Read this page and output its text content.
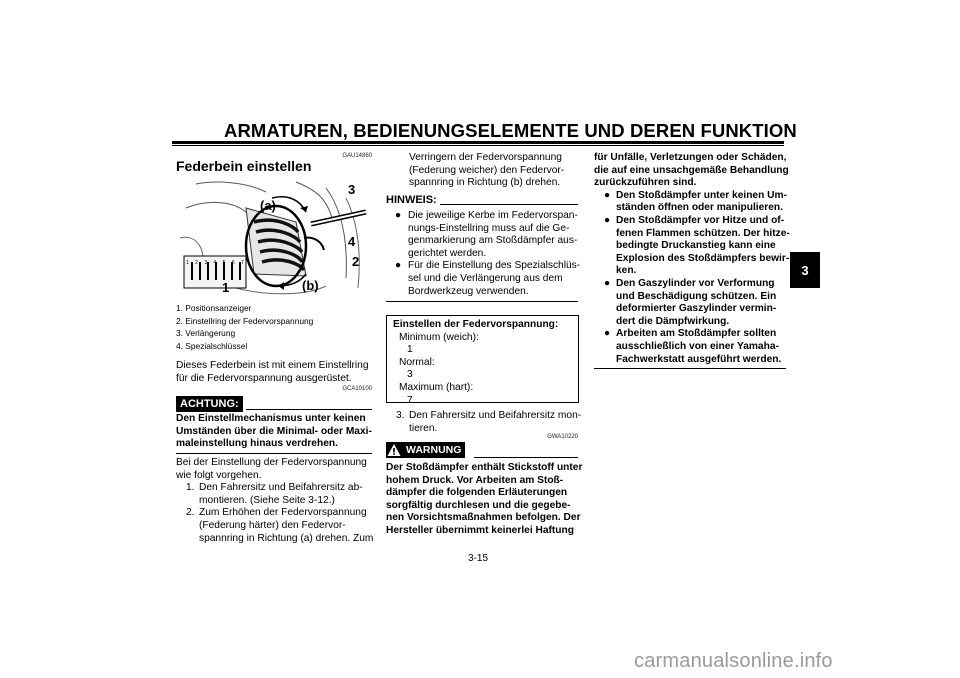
ARMATUREN, BEDIENUNGSELEMENTE UND DEREN FUNKTION
3
GAU14860
Federbein einstellen
(a)
(b)
1
2
3
4
1 2 3 4 5 6 7
1. Positionsanzeiger
2. Einstellring der Federvorspannung
3. Verlängerung
4. Spezialschlüssel
Dieses Federbein ist mit einem Einstellring
für die Federvorspannung ausgerüstet.
GCA10100
ACHTUNG:
Den Einstellmechanismus unter keinen
Umständen über die Minimal- oder Maxi-
maleinstellung hinaus verdrehen.
Bei der Einstellung der Federvorspannung
wie folgt vorgehen.
1. Den Fahrersitz und Beifahrersitz ab-
montieren. (Siehe Seite 3-12.)
2. Zum Erhöhen der Federvorspannung
(Federung härter) den Federvor-
spannring in Richtung (a) drehen. Zum
Verringern der Federvorspannung
(Federung weicher) den Federvor-
spannring in Richtung (b) drehen.
HINWEIS:
● Die jeweilige Kerbe im Federvorspan-
nungs-Einstellring muss auf die Ge-
genmarkierung am Stoßdämpfer aus-
gerichtet werden.
● Für die Einstellung des Spezialschlüs-
sel und die Verlängerung aus dem
Bordwerkzeug verwenden.
Einstellen der Federvorspannung:
Minimum (weich):
1
Normal:
3
Maximum (hart):
7
3. Den Fahrersitz und Beifahrersitz mon-
tieren.
GWA10220
WARNUNG
Der Stoßdämpfer enthält Stickstoff unter
hohem Druck. Vor Arbeiten am Stoß-
dämpfer die folgenden Erläuterungen
sorgfältig durchlesen und die gegebe-
nen Vorsichtsmaßnahmen befolgen. Der
Hersteller übernimmt keinerlei Haftung
für Unfälle, Verletzungen oder Schäden,
die auf eine unsachgemäße Behandlung
zurückzuführen sind.
● Den Stoßdämpfer unter keinen Um-
ständen öffnen oder manipulieren.
● Den Stoßdämpfer vor Hitze und of-
fenen Flammen schützen. Der hitze-
bedingte Druckanstieg kann eine
Explosion des Stoßdämpfers bewir-
ken.
● Den Gaszylinder vor Verformung
und Beschädigung schützen. Ein
deformierter Gaszylinder vermin-
dert die Dämpfwirkung.
● Arbeiten am Stoßdämpfer sollten
ausschließlich von einer Yamaha-
Fachwerkstatt ausgeführt werden.
3-15
carmanualsonline.info
